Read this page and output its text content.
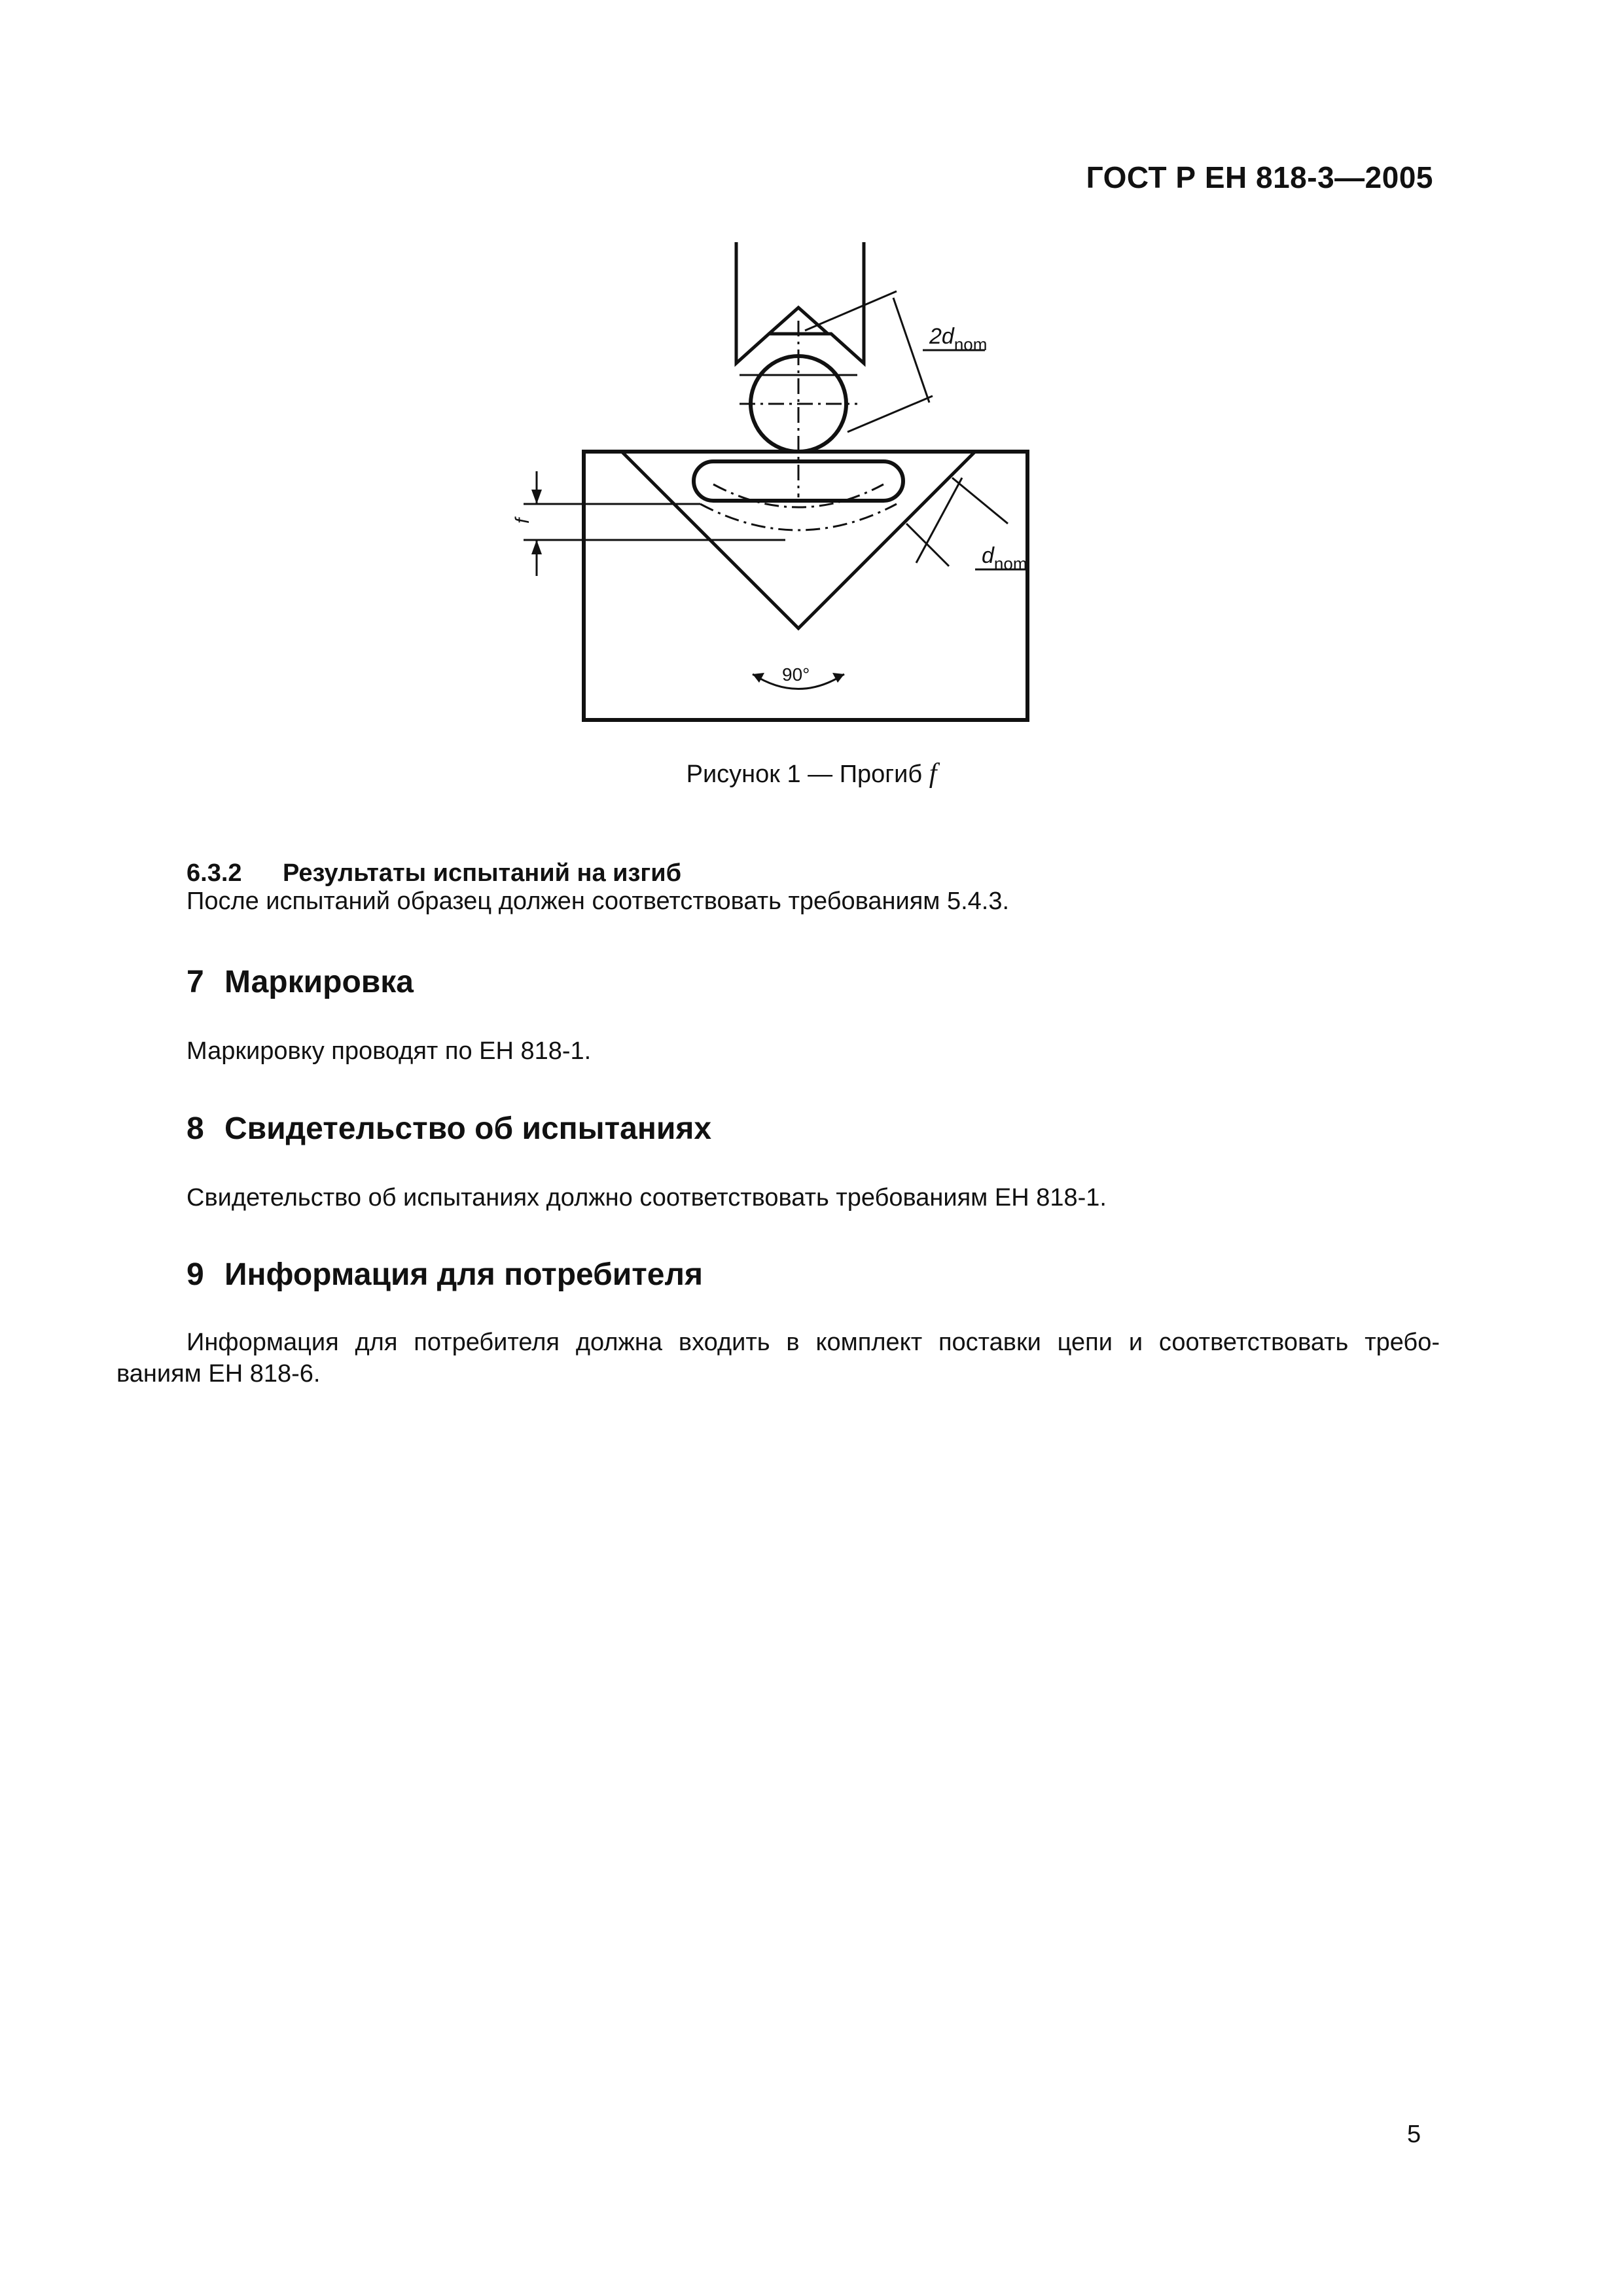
ГОСТ Р ЕН 818-3—2005
$2d_{nom}$
$d_{nom}$
f
90°
Рисунок 1 — Прогиб f
6.3.2 Результаты испытаний на изгиб
После испытаний образец должен соответствовать требованиям 5.4.3.
7 Маркировка
Маркировку проводят по ЕН 818-1.
8 Свидетельство об испытаниях
Свидетельство об испытаниях должно соответствовать требованиям ЕН 818-1.
9 Информация для потребителя
Информация для потребителя должна входить в комплект поставки цепи и соответствовать требо-
ваниям ЕН 818-6.
5
